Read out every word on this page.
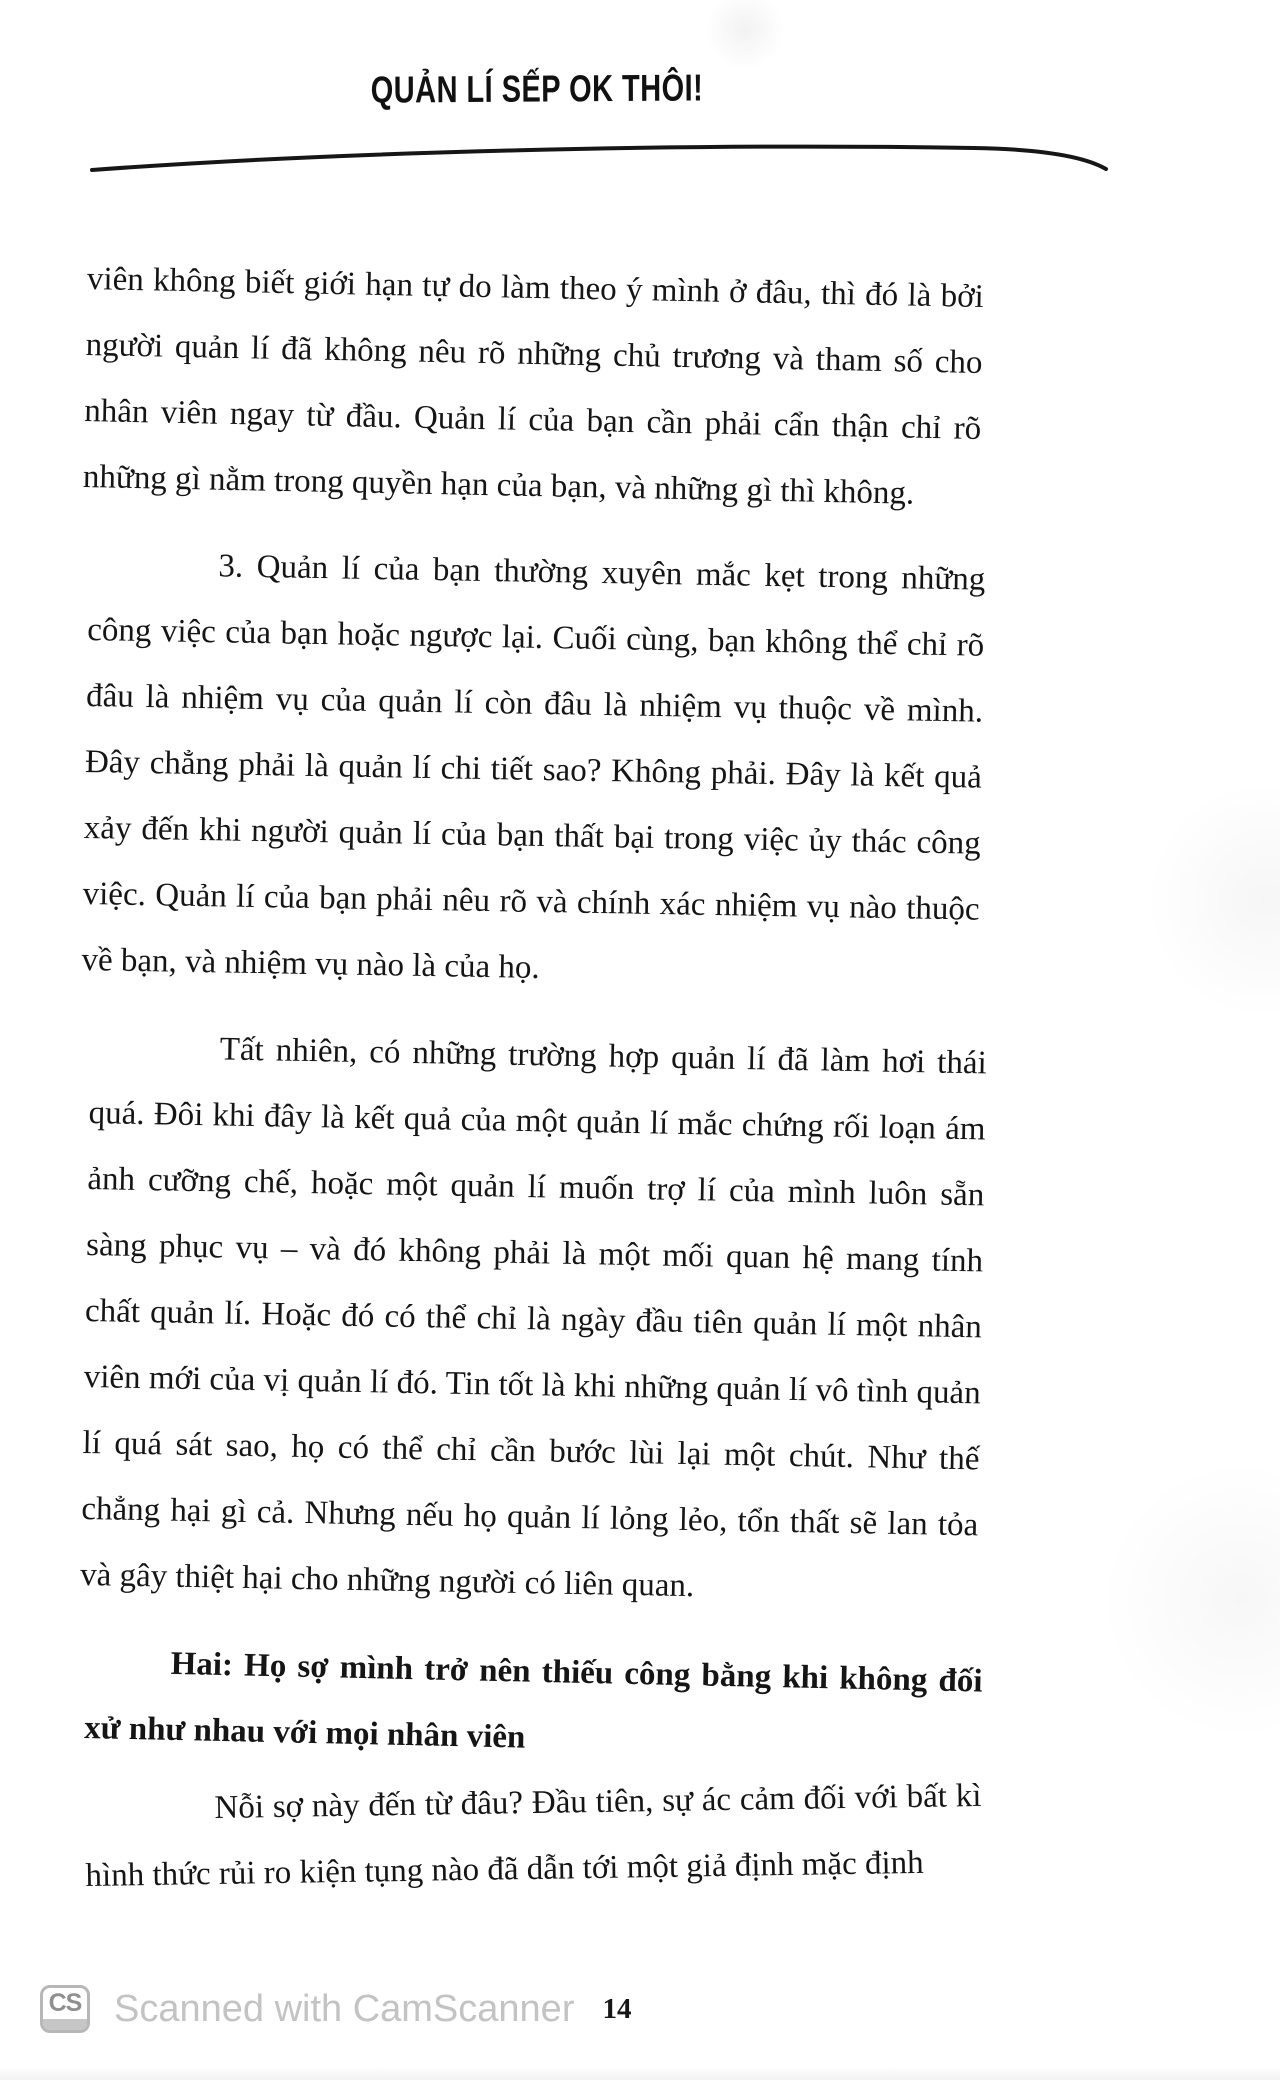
QUẢN LÍ SẾP OK THÔI!

viên không biết giới hạn tự do làm theo ý mình ở đâu, thì đó là bởi người quản lí đã không nêu rõ những chủ trương và tham số cho nhân viên ngay từ đầu. Quản lí của bạn cần phải cẩn thận chỉ rõ những gì nằm trong quyền hạn của bạn, và những gì thì không.

3. Quản lí của bạn thường xuyên mắc kẹt trong những công việc của bạn hoặc ngược lại. Cuối cùng, bạn không thể chỉ rõ đâu là nhiệm vụ của quản lí còn đâu là nhiệm vụ thuộc về mình. Đây chẳng phải là quản lí chi tiết sao? Không phải. Đây là kết quả xảy đến khi người quản lí của bạn thất bại trong việc ủy thác công việc. Quản lí của bạn phải nêu rõ và chính xác nhiệm vụ nào thuộc về bạn, và nhiệm vụ nào là của họ.

Tất nhiên, có những trường hợp quản lí đã làm hơi thái quá. Đôi khi đây là kết quả của một quản lí mắc chứng rối loạn ám ảnh cưỡng chế, hoặc một quản lí muốn trợ lí của mình luôn sẵn sàng phục vụ – và đó không phải là một mối quan hệ mang tính chất quản lí. Hoặc đó có thể chỉ là ngày đầu tiên quản lí một nhân viên mới của vị quản lí đó. Tin tốt là khi những quản lí vô tình quản lí quá sát sao, họ có thể chỉ cần bước lùi lại một chút. Như thế chẳng hại gì cả. Nhưng nếu họ quản lí lỏng lẻo, tổn thất sẽ lan tỏa và gây thiệt hại cho những người có liên quan.

Hai: Họ sợ mình trở nên thiếu công bằng khi không đối xử như nhau với mọi nhân viên

Nỗi sợ này đến từ đâu? Đầu tiên, sự ác cảm đối với bất kì hình thức rủi ro kiện tụng nào đã dẫn tới một giả định mặc định

CS Scanned with CamScanner 14
